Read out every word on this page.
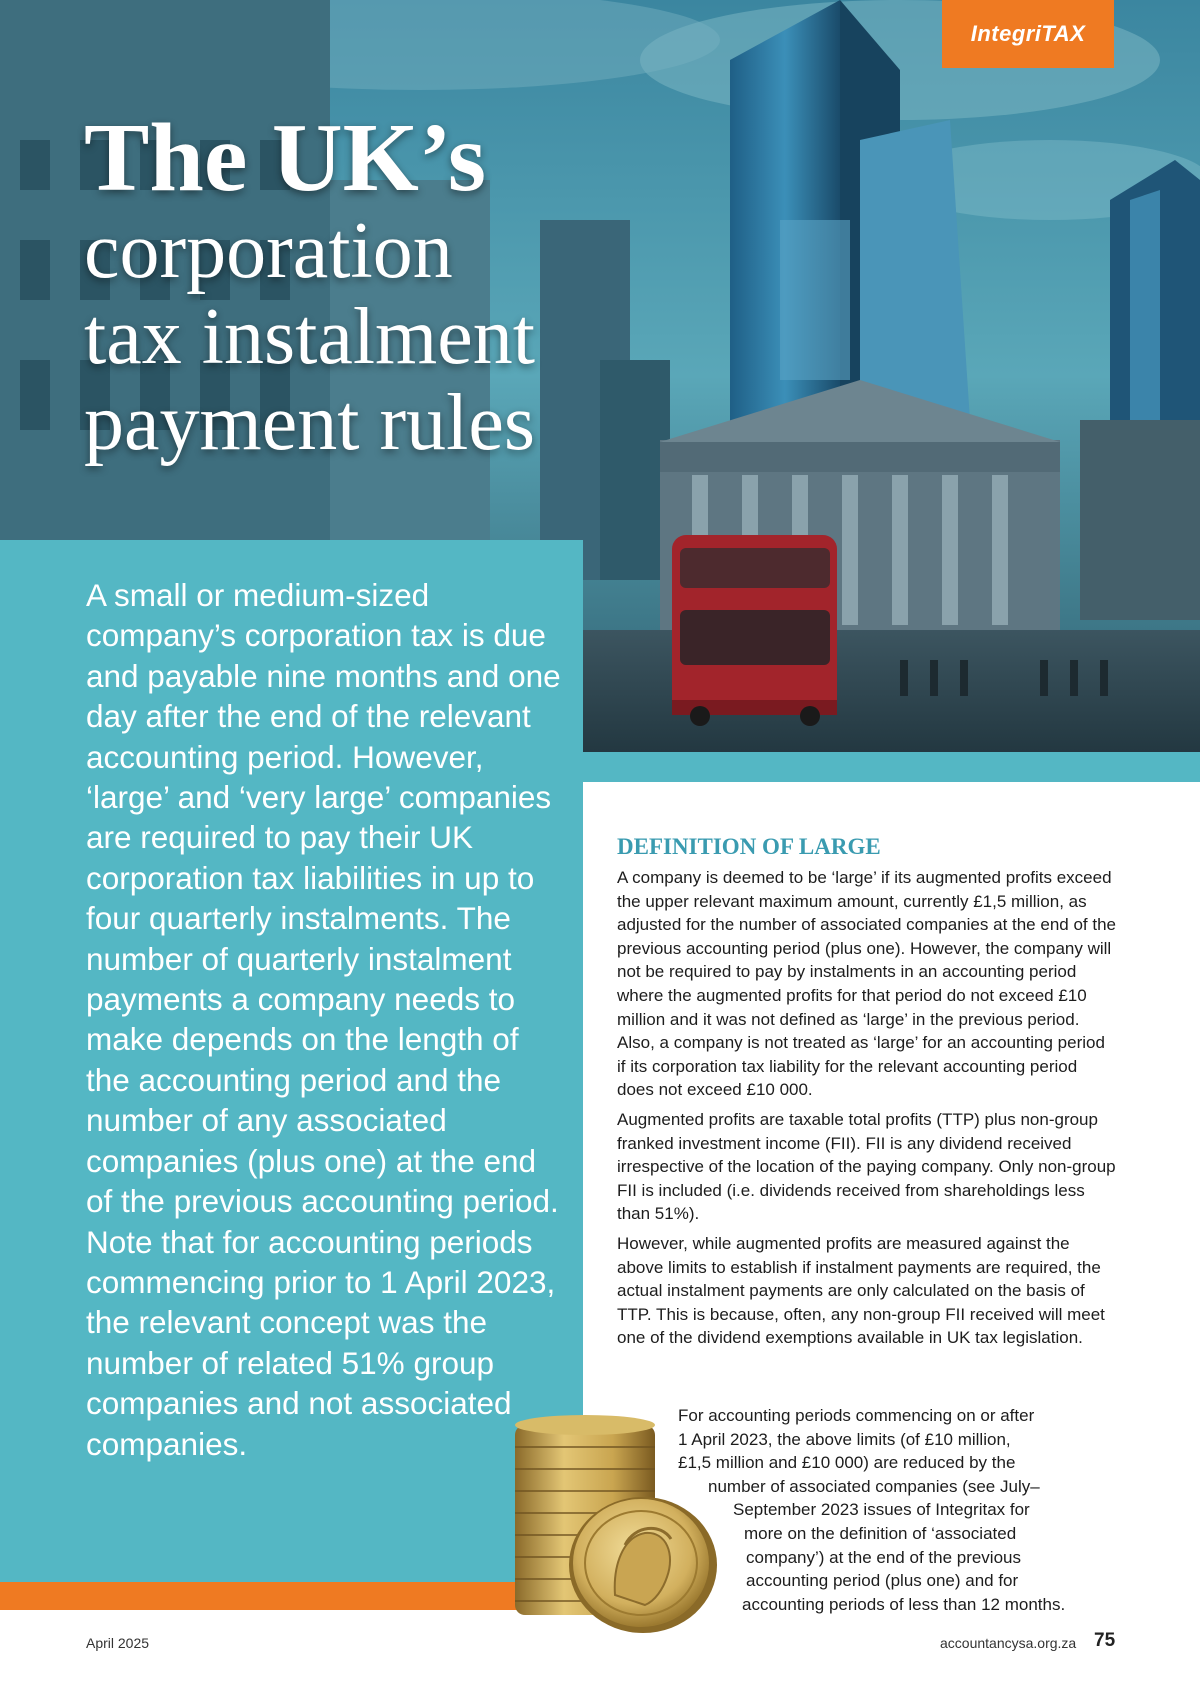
IntegriTAX
The UK’s
corporation
tax instalment
payment rules
A small or medium-sized company’s corporation tax is due and payable nine months and one day after the end of the relevant accounting period. However, ‘large’ and ‘very large’ companies are required to pay their UK corporation tax liabilities in up to four quarterly instalments. The number of quarterly instalment payments a company needs to make depends on the length of the accounting period and the number of any associated companies (plus one) at the end of the previous accounting period. Note that for accounting periods commencing prior to 1 April 2023, the relevant concept was the number of related 51% group companies and not associated companies.
DEFINITION OF LARGE

A company is deemed to be ‘large’ if its augmented profits exceed the upper relevant maximum amount, currently £1,5 million, as adjusted for the number of associated companies at the end of the previous accounting period (plus one). However, the company will not be required to pay by instalments in an accounting period where the augmented profits for that period do not exceed £10 million and it was not defined as ‘large’ in the previous period. Also, a company is not treated as ‘large’ for an accounting period if its corporation tax liability for the relevant accounting period does not exceed £10 000.

Augmented profits are taxable total profits (TTP) plus non-group franked investment income (FII). FII is any dividend received irrespective of the location of the paying company. Only non-group FII is included (i.e. dividends received from shareholdings less than 51%).

However, while augmented profits are measured against the above limits to establish if instalment payments are required, the actual instalment payments are only calculated on the basis of TTP. This is because, often, any non-group FII received will meet one of the dividend exemptions available in UK tax legislation.

For accounting periods commencing on or after
1 April 2023, the above limits (of £10 million,
£1,5 million and £10 000) are reduced by the
number of associated companies (see July–
September 2023 issues of Integritax for
more on the definition of ‘associated
company’) at the end of the previous
accounting period (plus one) and for
accounting periods of less than 12 months.
April 2025	accountancysa.org.za 75
